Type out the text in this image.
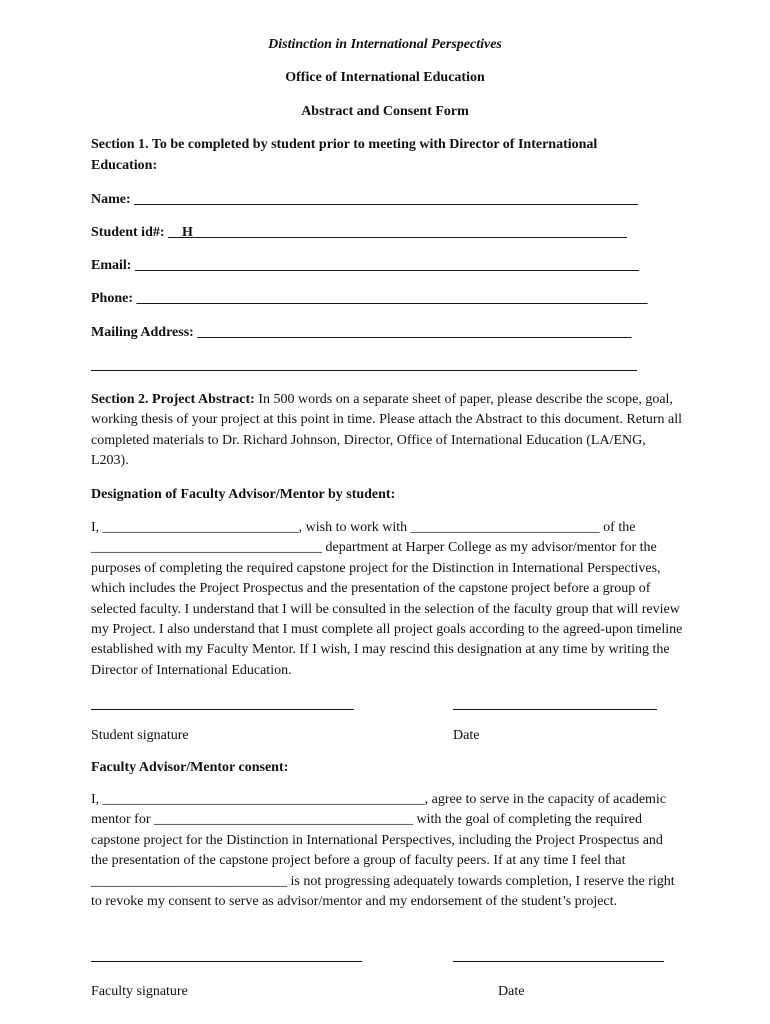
Distinction in International Perspectives
Office of International Education
Abstract and Consent Form
Section 1. To be completed by student prior to meeting with Director of International
Education:
Name: ________________________________________________________________________
Student id#: __H______________________________________________________________
Email: ________________________________________________________________________
Phone: _________________________________________________________________________
Mailing Address: ______________________________________________________________
______________________________________________________________________________
Section 2. Project Abstract: In 500 words on a separate sheet of paper, please describe the scope, goal, working thesis of your project at this point in time. Please attach the Abstract to this document. Return all completed materials to Dr. Richard Johnson, Director, Office of International Education (LA/ENG, L203).
Designation of Faculty Advisor/Mentor by student:
I, ____________________________, wish to work with ___________________________ of the _________________________________ department at Harper College as my advisor/mentor for the purposes of completing the required capstone project for the Distinction in International Perspectives, which includes the Project Prospectus and the presentation of the capstone project before a group of selected faculty. I understand that I will be consulted in the selection of the faculty group that will review my Project. I also understand that I must complete all project goals according to the agreed-upon timeline established with my Faculty Mentor. If I wish, I may rescind this designation at any time by writing the Director of International Education.
Student signature	Date
Faculty Advisor/Mentor consent:
I, ______________________________________________, agree to serve in the capacity of academic mentor for _____________________________________ with the goal of completing the required capstone project for the Distinction in International Perspectives, including the Project Prospectus and the presentation of the capstone project before a group of faculty peers. If at any time I feel that ____________________________ is not progressing adequately towards completion, I reserve the right to revoke my consent to serve as advisor/mentor and my endorsement of the student’s project.
Faculty signature	Date
